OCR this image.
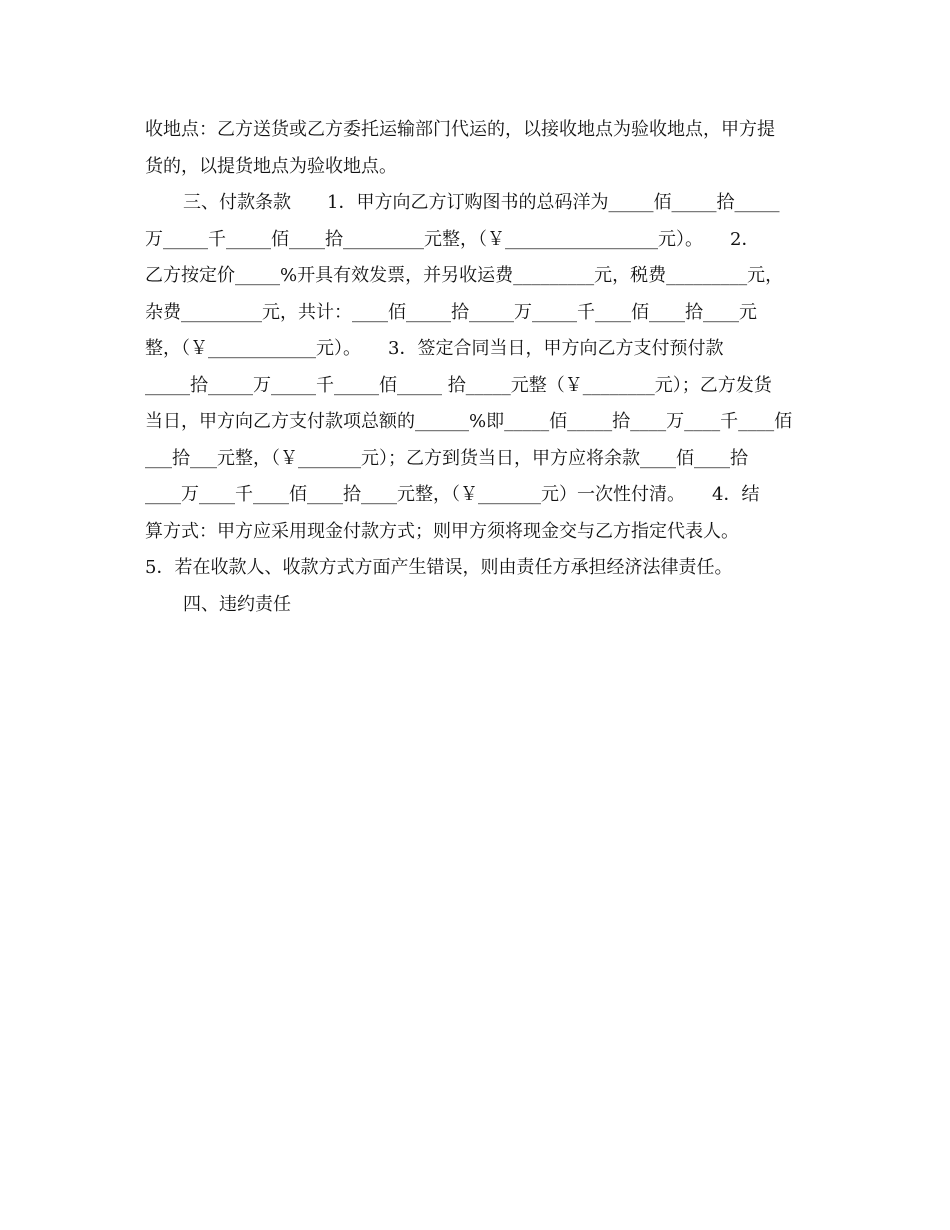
收地点：乙方送货或乙方委托运输部门代运的，以接收地点为验收地点，甲方提

货的，以提货地点为验收地点。

三、付款条款　　1．甲方向乙方订购图书的总码洋为_____佰_____拾_____

万_____千_____佰____拾_________元整，（￥_________________元）。　　2．

乙方按定价_____%开具有效发票，并另收运费_________元，税费_________元，

杂费_________元，共计：____佰_____拾_____万_____千____佰____拾____元

整，（￥____________元）。　　3．签定合同当日，甲方向乙方支付预付款

_____拾_____万_____千_____佰_____ 拾_____元整（￥________元）；乙方发货

当日，甲方向乙方支付款项总额的______%即_____佰_____拾____万____千____佰

___拾___元整，（￥_______元）；乙方到货当日，甲方应将余款____佰____拾

____万____千____佰____拾____元整，（￥_______元）一次性付清。　　4．结

算方式：甲方应采用现金付款方式；则甲方须将现金交与乙方指定代表人。

5．若在收款人、收款方式方面产生错误，则由责任方承担经济法律责任。

四、违约责任
